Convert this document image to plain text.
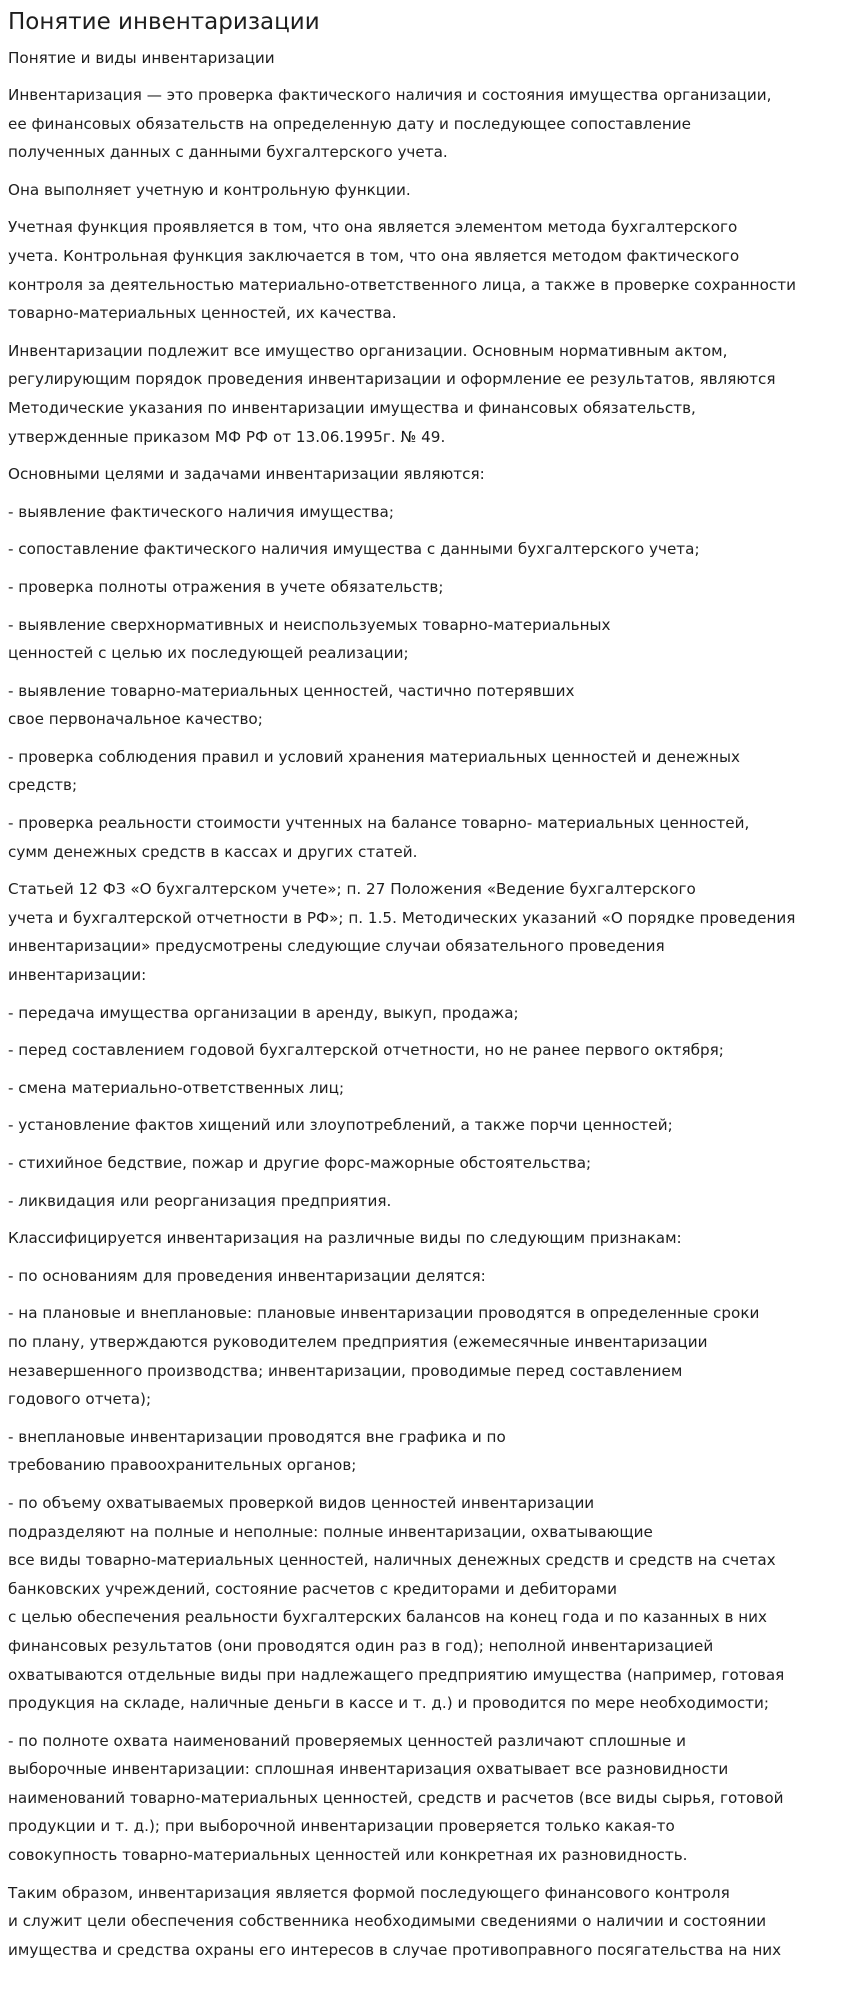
Понятие инвентаризации
Понятие и виды инвентаризации
Инвентаризация — это проверка фактического наличия и состояния имущества организации,
ее финансовых обязательств на определенную дату и последующее сопоставление
полученных данных с данными бухгалтерского учета.
Она выполняет учетную и контрольную функции.
Учетная функция проявляется в том, что она является элементом метода бухгалтерского
учета. Контрольная функция заключается в том, что она является методом фактического
контроля за деятельностью материально-ответственного лица, а также в проверке сохранности
товарно-материальных ценностей, их качества.
Инвентаризации подлежит все имущество организации. Основным нормативным актом,
регулирующим порядок проведения инвентаризации и оформление ее результатов, являются
Методические указания по инвентаризации имущества и финансовых обязательств,
утвержденные приказом МФ РФ от 13.06.1995г. № 49.
Основными целями и задачами инвентаризации являются:
- выявление фактического наличия имущества;
- сопоставление фактического наличия имущества с данными бухгалтерского учета;
- проверка полноты отражения в учете обязательств;
- выявление сверхнормативных и неиспользуемых товарно-материальных
ценностей с целью их последующей реализации;
- выявление товарно-материальных ценностей, частично потерявших
свое первоначальное качество;
- проверка соблюдения правил и условий хранения материальных ценностей и денежных
средств;
- проверка реальности стоимости учтенных на балансе товарно- материальных ценностей,
сумм денежных средств в кассах и других статей.
Статьей 12 ФЗ «О бухгалтерском учете»; п. 27 Положения «Ведение бухгалтерского
учета и бухгалтерской отчетности в РФ»; п. 1.5. Методических указаний «О порядке проведения
инвентаризации» предусмотрены следующие случаи обязательного проведения
инвентаризации:
- передача имущества организации в аренду, выкуп, продажа;
- перед составлением годовой бухгалтерской отчетности, но не ранее первого октября;
- смена материально-ответственных лиц;
- установление фактов хищений или злоупотреблений, а также порчи ценностей;
- стихийное бедствие, пожар и другие форс-мажорные обстоятельства;
- ликвидация или реорганизация предприятия.
Классифицируется инвентаризация на различные виды по следующим признакам:
- по основаниям для проведения инвентаризации делятся:
- на плановые и внеплановые: плановые инвентаризации проводятся в определенные сроки
по плану, утверждаются руководителем предприятия (ежемесячные инвентаризации
незавершенного производства; инвентаризации, проводимые перед составлением
годового отчета);
- внеплановые инвентаризации проводятся вне графика и по
требованию правоохранительных органов;
- по объему охватываемых проверкой видов ценностей инвентаризации
подразделяют на полные и неполные: полные инвентаризации, охватывающие
все виды товарно-материальных ценностей, наличных денежных средств и средств на счетах
банковских учреждений, состояние расчетов с кредиторами и дебиторами
с целью обеспечения реальности бухгалтерских балансов на конец года и по казанных в них
финансовых результатов (они проводятся один раз в год); неполной инвентаризацией
охватываются отдельные виды при надлежащего предприятию имущества (например, готовая
продукция на складе, наличные деньги в кассе и т. д.) и проводится по мере необходимости;
- по полноте охвата наименований проверяемых ценностей различают сплошные и
выборочные инвентаризации: сплошная инвентаризация охватывает все разновидности
наименований товарно-материальных ценностей, средств и расчетов (все виды сырья, готовой
продукции и т. д.); при выборочной инвентаризации проверяется только какая-то
совокупность товарно-материальных ценностей или конкретная их разновидность.
Таким образом, инвентаризация является формой последующего финансового контроля
и служит цели обеспечения собственника необходимыми сведениями о наличии и состоянии
имущества и средства охраны его интересов в случае противоправного посягательства на них
